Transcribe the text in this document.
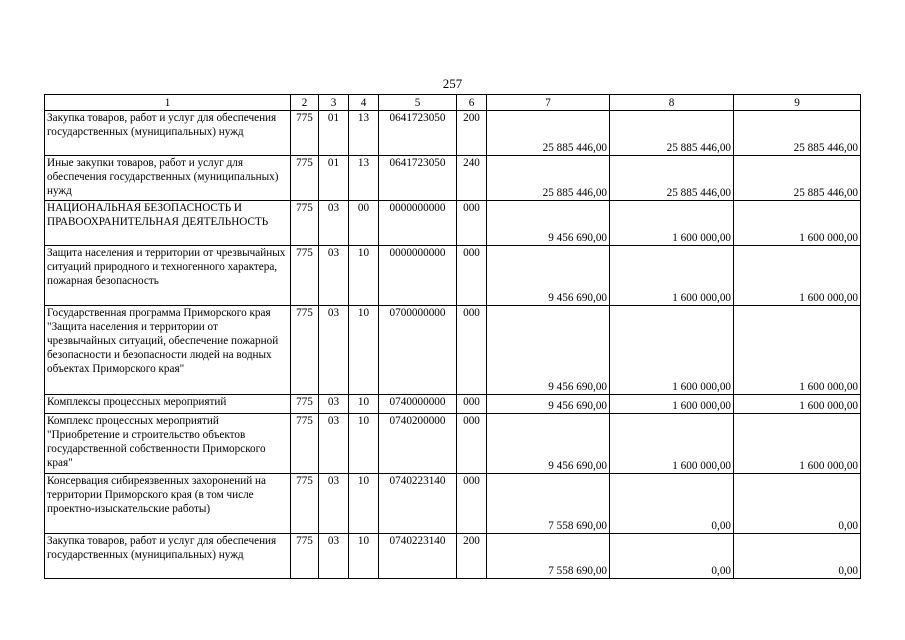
257
1	2	3	4	5	6	7	8	9
Закупка товаров, работ и услуг для обеспечения государственных (муниципальных) нужд	775	01	13	0641723050	200	25 885 446,00	25 885 446,00	25 885 446,00
Иные закупки товаров, работ и услуг для обеспечения государственных (муниципальных) нужд	775	01	13	0641723050	240	25 885 446,00	25 885 446,00	25 885 446,00
НАЦИОНАЛЬНАЯ БЕЗОПАСНОСТЬ И ПРАВООХРАНИТЕЛЬНАЯ ДЕЯТЕЛЬНОСТЬ	775	03	00	0000000000	000	9 456 690,00	1 600 000,00	1 600 000,00
Защита населения и территории от чрезвычайных ситуаций природного и техногенного характера, пожарная безопасность	775	03	10	0000000000	000	9 456 690,00	1 600 000,00	1 600 000,00
Государственная программа Приморского края "Защита населения и территории от чрезвычайных ситуаций, обеспечение пожарной безопасности и безопасности людей на водных объектах Приморского края"	775	03	10	0700000000	000	9 456 690,00	1 600 000,00	1 600 000,00
Комплексы процессных мероприятий	775	03	10	0740000000	000	9 456 690,00	1 600 000,00	1 600 000,00
Комплекс процессных мероприятий "Приобретение и строительство объектов государственной собственности Приморского края"	775	03	10	0740200000	000	9 456 690,00	1 600 000,00	1 600 000,00
Консервация сибиреязвенных захоронений на территории Приморского края (в том числе проектно-изыскательские работы)	775	03	10	0740223140	000	7 558 690,00	0,00	0,00
Закупка товаров, работ и услуг для обеспечения государственных (муниципальных) нужд	775	03	10	0740223140	200	7 558 690,00	0,00	0,00
